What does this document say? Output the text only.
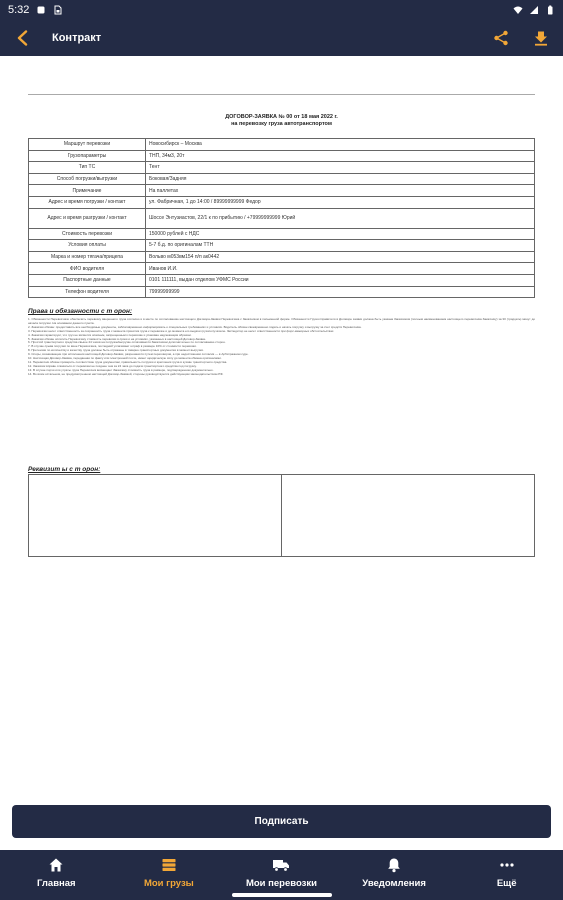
5:32
Контракт
ДОГОВОР-ЗАЯВКА № 00 от 18 мая 2022 г.
на перевозку груза автотранспортом
Маршрут перевозки	Новосибирск – Москва
Грузопараметры	ТНП, 34м3, 20т
Тип ТС	Тент
Способ погрузки/выгрузки	Боковая/Задняя
Примечание	На паллетах
Адрес и время погрузки / контакт	ул. Фабричная, 1 до 14:00 / 89999999999 Федор
Адрес и время разгрузки / контакт	Шоссе Энтузиастов, 22/1 к по прибытию / +79999999999 Юрий
Стоимость перевозки	150000 рублей с НДС
Условия оплаты	5-7 б.д. по оригиналам ТТН
Марка и номер тягача/прицепа	Вольво м053вм154 п/п ак0442
ФИО водителя	Иванов И.И.
Паспортные данные	0101 111111, выдан отделом УФМС России
Телефон водителя	79999999999
Права и обязанности с т орон:

1. Обязанности Перевозчика: обеспечить перевозку вверенного груза согласно и в месте по согласованию настоящего Договора-Заявки Перевозчика с Заказчиком в письменной форме. Обязанности Грузоотправителя в Договоре заявки должна быть указана Заказчиком (полным наименованием настоящего перевозчика Заказчику) за 30 (тридцать) минут до начала погрузки. На основании данного пункта.

2. Заказчик обязан: предоставить все необходимые документы, заблаговременно информировать о специальных требованиях и условиях. Водитель обязан своевременно подать и начать погрузку и выгрузку за счет средств Перевозчика.

3. Перевозчик несет ответственность за сохранность груза с момента принятия груза к перевозке и до момента его выдачи грузополучателю. Экспедитор не несет ответственности при форс-мажорных обстоятельствах.

4. Заказчик гарантирует, что груз не является опасным, запрещенным к перевозке и упакован надлежащим образом.

5. Заказчик обязан оплатить Перевозчику стоимость перевозки в сроки и на условиях, указанных в настоящей Договор-Заявке.

6. Простой транспортного средства свыше 24 часов на погрузке/выгрузке оплачивается Заказчиком дополнительно по согласованию сторон.

7. В случае срыва погрузки по вине Перевозчика, последний уплачивает штраф в размере 10% от стоимости перевозки.

8. Претензии по количеству и качеству груза должны быть отражены в товарно-транспортных документах в момент выгрузки.

9. Споры, возникающие при исполнении настоящей Договор-Заявки, разрешаются путем переговоров, а при недостижении согласия — в Арбитражном суде.

10. Настоящая Договор-Заявка, переданная по факсу или электронной почте, имеет юридическую силу до момента обмена оригиналами.

11. Перевозчик обязан проверить соответствие груза документам, правильность погрузки и крепления груза в кузове транспортного средства.

12. Заказчик вправе отказаться от перевозки не позднее чем за 24 часа до подачи транспортного средства под погрузку.

13. В случае порчи или утраты груза Перевозчик возмещает Заказчику стоимость груза в размере, подтвержденном документально.

14. Во всем остальном, не предусмотренном настоящей Договор-Заявкой, стороны руководствуются действующим законодательством РФ.

Реквизит ы с т орон:
Подписать
Главная	Мои грузы	Мои перевозки	Уведомления	Ещё
